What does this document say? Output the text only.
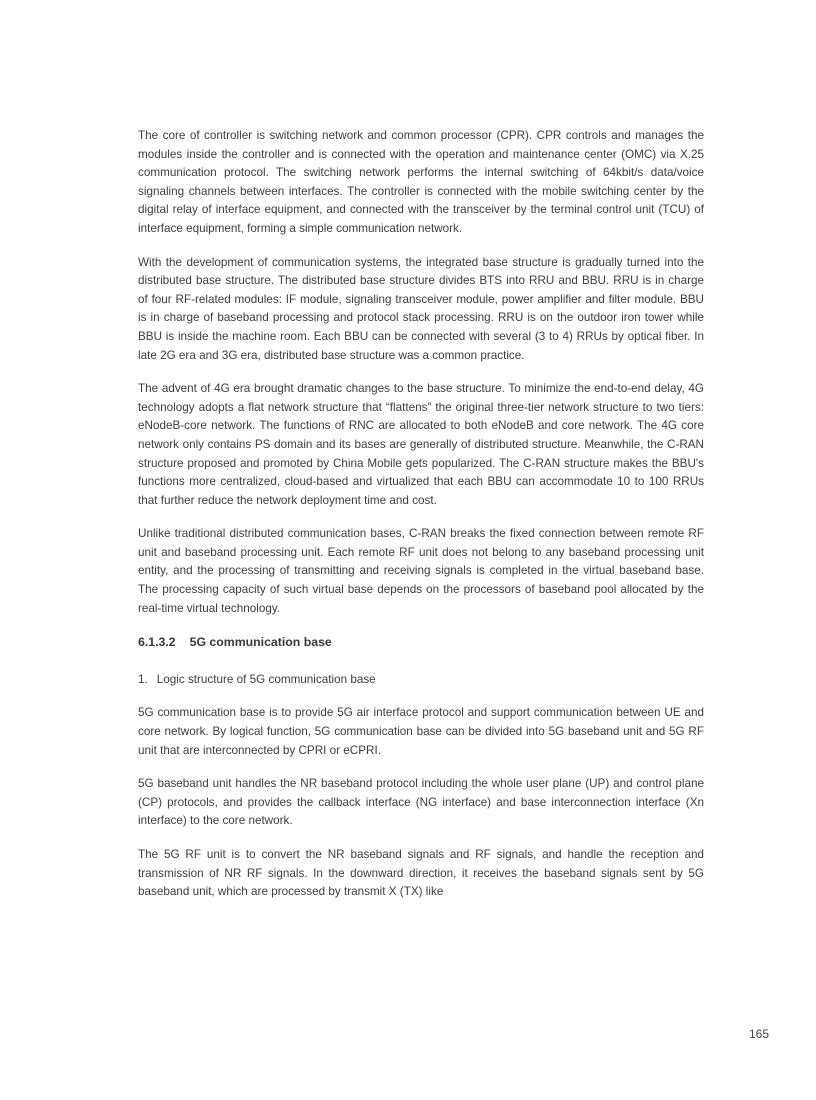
The core of controller is switching network and common processor (CPR). CPR controls and manages the modules inside the controller and is connected with the operation and maintenance center (OMC) via X.25 communication protocol. The switching network performs the internal switching of 64kbit/s data/voice signaling channels between interfaces. The controller is connected with the mobile switching center by the digital relay of interface equipment, and connected with the transceiver by the terminal control unit (TCU) of interface equipment, forming a simple communication network.

With the development of communication systems, the integrated base structure is gradually turned into the distributed base structure. The distributed base structure divides BTS into RRU and BBU. RRU is in charge of four RF-related modules: IF module, signaling transceiver module, power amplifier and filter module. BBU is in charge of baseband processing and protocol stack processing. RRU is on the outdoor iron tower while BBU is inside the machine room. Each BBU can be connected with several (3 to 4) RRUs by optical fiber. In late 2G era and 3G era, distributed base structure was a common practice.

The advent of 4G era brought dramatic changes to the base structure. To minimize the end-to-end delay, 4G technology adopts a flat network structure that “flattens” the original three-tier network structure to two tiers: eNodeB-core network. The functions of RNC are allocated to both eNodeB and core network. The 4G core network only contains PS domain and its bases are generally of distributed structure. Meanwhile, the C-RAN structure proposed and promoted by China Mobile gets popularized. The C-RAN structure makes the BBU's functions more centralized, cloud-based and virtualized that each BBU can accommodate 10 to 100 RRUs that further reduce the network deployment time and cost.

Unlike traditional distributed communication bases, C-RAN breaks the fixed connection between remote RF unit and baseband processing unit. Each remote RF unit does not belong to any baseband processing unit entity, and the processing of transmitting and receiving signals is completed in the virtual baseband base. The processing capacity of such virtual base depends on the processors of baseband pool allocated by the real-time virtual technology.

6.1.3.2 5G communication base
1. Logic structure of 5G communication base

5G communication base is to provide 5G air interface protocol and support communication between UE and core network. By logical function, 5G communication base can be divided into 5G baseband unit and 5G RF unit that are interconnected by CPRI or eCPRI.

5G baseband unit handles the NR baseband protocol including the whole user plane (UP) and control plane (CP) protocols, and provides the callback interface (NG interface) and base interconnection interface (Xn interface) to the core network.

The 5G RF unit is to convert the NR baseband signals and RF signals, and handle the reception and transmission of NR RF signals. In the downward direction, it receives the baseband signals sent by 5G baseband unit, which are processed by transmit X (TX) like

165
